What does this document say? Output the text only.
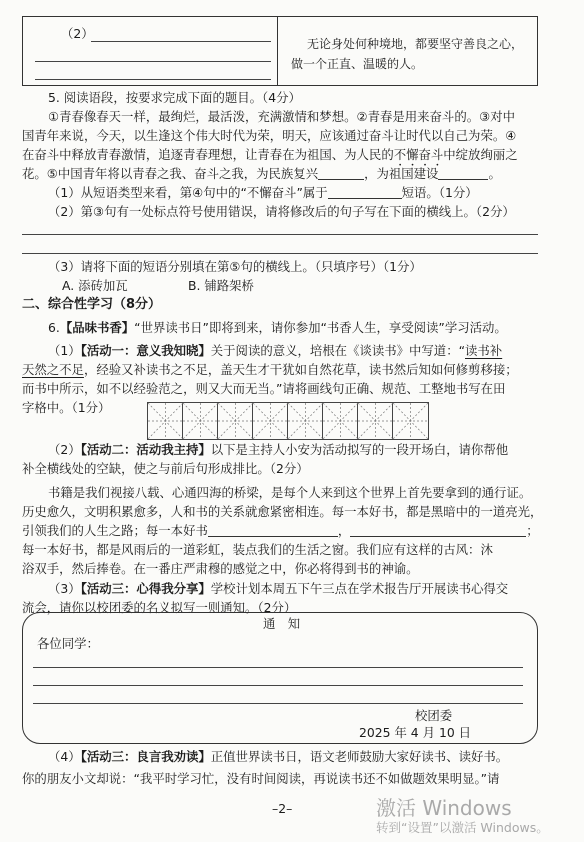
（2）
无论身处何种境地，都要坚守善良之心，
做一个正直、温暖的人。
5. 阅读语段，按要求完成下面的题目。（4分）
①青春像春天一样，最绚烂，最活泼，充满激情和梦想。②青春是用来奋斗的。③对中
国青年来说，今天，以生逢这个伟大时代为荣，明天，应该通过奋斗让时代以自己为荣。④
在奋斗中释放青春激情，追逐青春理想，让青春在为祖国、为人民的不懈奋斗中绽放绚丽之
花。⑤中国青年将以青春之我、奋斗之我，为民族复兴	，为祖国建设	。
（1）从短语类型来看，第④句中的“不懈奋斗”属于	短语。（1分）
（2）第③句有一处标点符号使用错误，请将修改后的句子写在下面的横线上。（2分）
（3）请将下面的短语分别填在第⑤句的横线上。（只填序号）（1分）
A. 添砖加瓦	B. 铺路架桥
二、综合性学习（8分）
6.【品味书香】“世界读书日”即将到来，请你参加“书香人生，享受阅读”学习活动。
（1）【活动一：意义我知晓】关于阅读的意义，培根在《谈读书》中写道：“读书补
天然之不足，经验又补读书之不足，盖天生才干犹如自然花草，读书然后知如何修剪移接；
而书中所示，如不以经验范之，则又大而无当。”请将画线句正确、规范、工整地书写在田
字格中。（1分）
（2）【活动二：活动我主持】以下是主持人小安为活动拟写的一段开场白，请你帮他
补全横线处的空缺，使之与前后句形成排比。（2分）
书籍是我们视接八载、心通四海的桥梁，是每个人来到这个世界上首先要拿到的通行证。
历史愈久，文明积累愈多，人和书的关系就愈紧密相连。每一本好书，都是黑暗中的一道亮光，
引领我们的人生之路；每一本好书	，	；
每一本好书，都是风雨后的一道彩虹，装点我们的生活之窗。我们应有这样的古风：沐
浴双手，然后捧卷。在一番庄严肃穆的感觉之中，你必将得到书的神谕。
（3）【活动三：心得我分享】学校计划本周五下午三点在学术报告厅开展读书心得交
流会，请你以校团委的名义拟写一则通知。（2分）
通　知
各位同学：
校团委
2025 年 4 月 10 日
（4）【活动三：良言我劝读】正值世界读书日，语文老师鼓励大家好读书、读好书。
你的朋友小文却说：“我平时学习忙，没有时间阅读，再说读书还不如做题效果明显。”请
–2–	激活 Windows
转到“设置”以激活 Windows。
